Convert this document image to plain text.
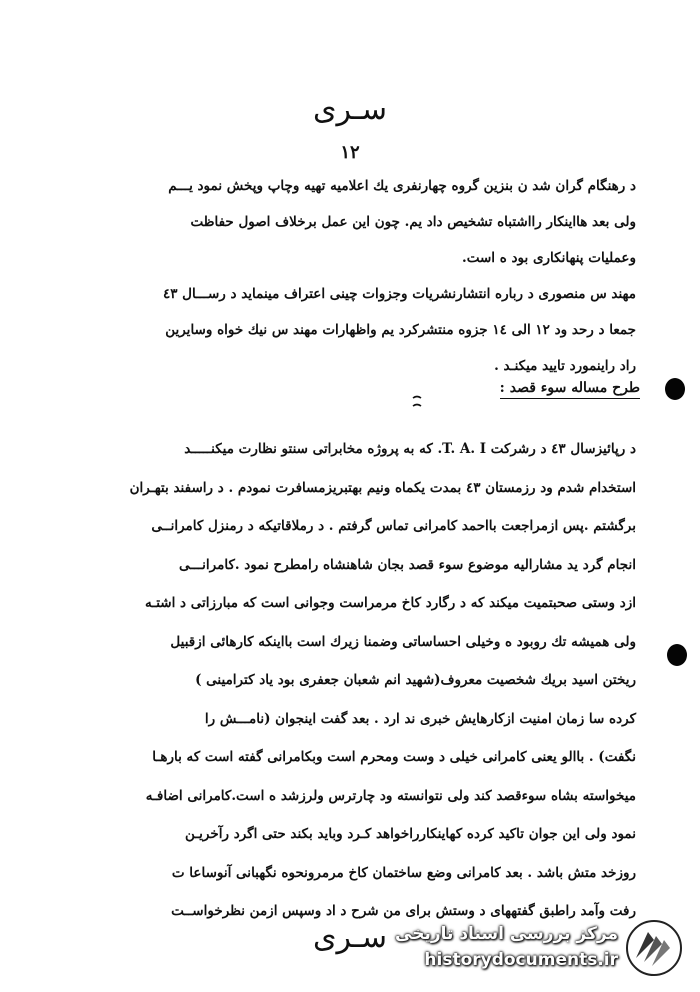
سـرى
١٢

د رهنگام گران شد ن بنزین گروه چهارنفری یك اعلامیه تهیه وچاپ وپخش نمود یـــم

ولی بعد هااینکار رااشتباه تشخیص داد یم. چون این عمل برخلاف اصول حفاظت

وعملیات پنهانکاری بود ه است.

مهند س منصوری د رباره انتشارنشریات وجزوات چینی اعتراف مینماید د رســـال ٤٣

جمعا د رحد ود ١٢ الی ١٤ جزوه منتشرکرد یم واظهارات مهند س نیك خواه وسایرین

راد راینمورد تایید میکنـد .

طرح مساله سوء قصد :

د رپائیزسال ٤٣ د رشرکت T. A. I. که به پروژه مخابراتی سنتو نظارت میکنـــــد

استخدام شدم ود رزمستان ٤٣ بمدت یکماه ونیم بهتبریزمسافرت نمودم . د راسفند بتهـران

برگشتم .پس ازمراجعت بااحمد کامرانی تماس گرفتم . د رملاقاتیکه د رمنزل کامرانــی

انجام گرد ید مشارالیه موضوع سوء قصد بجان شاهنشاه رامطرح نمود .کامرانـــی

ازد وستی صحبتمیت میکند که د رگارد کاخ مرمراست وجوانی است که مبارزاتی د اشتـه

ولی همیشه تك روبود ه وخیلی احساساتی وضمنا زیرك است بااینکه کارهائی ازقبیل

ریختن اسید بریك شخصیت معروف(شهید انم شعبان جعفری بود یاد کترامینی )

کرده سا زمان امنیت ازکارهایش خبری ند ارد . بعد گفت اینجوان (نامـــش را

نگفت) . باالو یعنی کامرانی خیلی د وست ومحرم است وبکامرانی گفته است که بارهـا

میخواسته بشاه سوءقصد کند ولی نتوانسته ود چارترس ولرزشد ه است.کامرانی اضافـه

نمود ولی این جوان تاکید کرده کهاینکارراخواهد کـرد وباید بکند حتی اگرد رآخریـن

روزخد متش باشد . بعد کامرانی وضع ساختمان کاخ مرمرونحوه نگهبانی آنوساعا ت

رفت وآمد راطبق گفتههای د وستش برای من شرح د اد وسپس ازمن نظرخواســت

سـرى مرکز بررسی اسناد تاریخی
historydocuments.ir
